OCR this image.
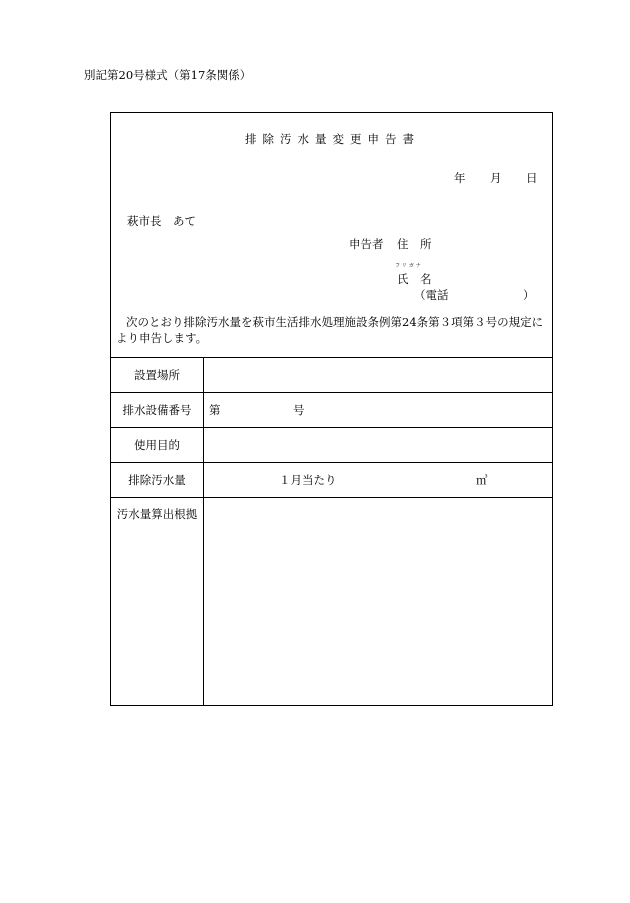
別記第20号様式（第17条関係）
排除汚水量変更申告書
年 月 日
萩市長　あて
申告者 住　所
フリガナ
氏　名
（電話	）
次のとおり排除汚水量を萩市生活排水処理施設条例第24条第３項第３号の規定により申告します。
設置場所
排水設備番号	第	号
使用目的
排除汚水量	１月当たり	㎥
汚水量算出根拠
